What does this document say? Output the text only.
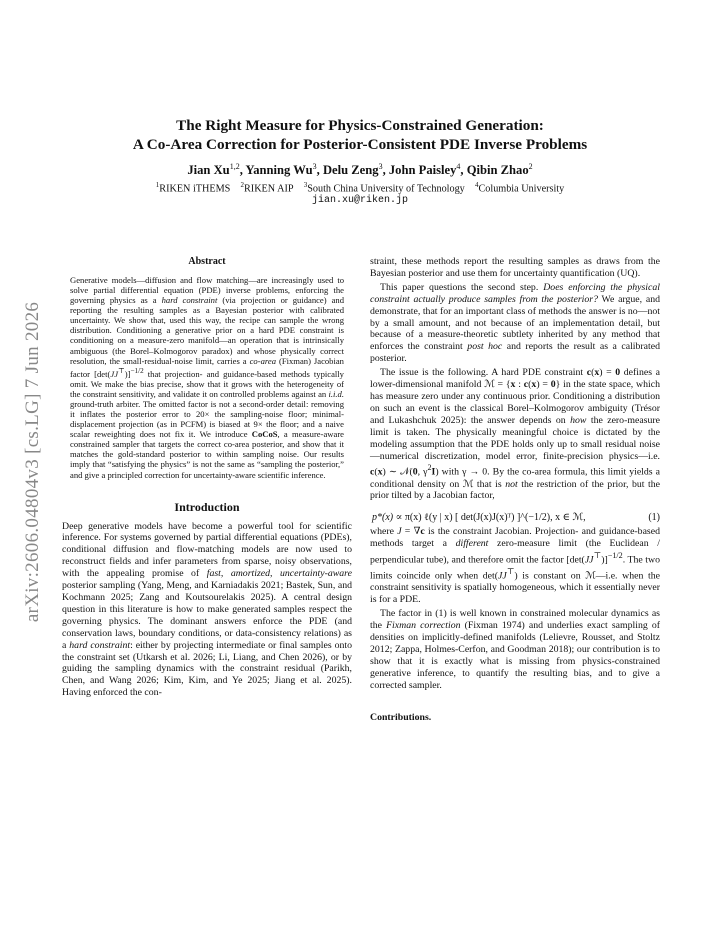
arXiv:2606.04804v3 [cs.LG] 7 Jun 2026
The Right Measure for Physics-Constrained Generation:
A Co-Area Correction for Posterior-Consistent PDE Inverse Problems
Jian Xu$^{1,2}$, Yanning Wu$^3$, Delu Zeng$^3$, John Paisley$^4$, Qibin Zhao$^2$
$^1$RIKEN iTHEMS $^2$RIKEN AIP $^3$South China University of Technology $^4$Columbia University
jian.xu@riken.jp
Abstract

Generative models—diffusion and flow matching—are increasingly used to solve partial differential equation (PDE) inverse problems, enforcing the governing physics as a hard constraint (via projection or guidance) and reporting the resulting samples as a Bayesian posterior with calibrated uncertainty. We show that, used this way, the recipe can sample the wrong distribution. Conditioning a generative prior on a hard PDE constraint is conditioning on a measure-zero manifold—an operation that is intrinsically ambiguous (the Borel–Kolmogorov paradox) and whose physically correct resolution, the small-residual-noise limit, carries a co-area (Fixman) Jacobian factor $[\det(JJ^⊤)]^{-1/2}$ that projection- and guidance-based methods typically omit. We make the bias precise, show that it grows with the heterogeneity of the constraint sensitivity, and validate it on controlled problems against an i.i.d. ground-truth arbiter. The omitted factor is not a second-order detail: removing it inflates the posterior error to 20× the sampling-noise floor; minimal-displacement projection (as in PCFM) is biased at 9× the floor; and a naive scalar reweighting does not fix it. We introduce CoCoS, a measure-aware constrained sampler that targets the correct co-area posterior, and show that it matches the gold-standard posterior to within sampling noise. Our results imply that “satisfying the physics” is not the same as “sampling the posterior,” and give a principled correction for uncertainty-aware scientific inference.

Introduction

Deep generative models have become a powerful tool for scientific inference. For systems governed by partial differential equations (PDEs), conditional diffusion and flow-matching models are now used to reconstruct fields and infer parameters from sparse, noisy observations, with the appealing promise of fast, amortized, uncertainty-aware posterior sampling (Yang, Meng, and Karniadakis 2021; Bastek, Sun, and Kochmann 2025; Zang and Koutsourelakis 2025). A central design question in this literature is how to make generated samples respect the governing physics. The dominant answers enforce the PDE (and conservation laws, boundary conditions, or data-consistency relations) as a hard constraint: either by projecting intermediate or final samples onto the constraint set (Utkarsh et al. 2026; Li, Liang, and Chen 2026), or by guiding the sampling dynamics with the constraint residual (Parikh, Chen, and Wang 2026; Kim, Kim, and Ye 2025; Jiang et al. 2025). Having enforced the con-

straint, these methods report the resulting samples as draws from the Bayesian posterior and use them for uncertainty quantification (UQ).

This paper questions the second step. Does enforcing the physical constraint actually produce samples from the posterior? We argue, and demonstrate, that for an important class of methods the answer is no—not by a small amount, and not because of an implementation detail, but because of a measure-theoretic subtlety inherited by any method that enforces the constraint post hoc and reports the result as a calibrated posterior.

The issue is the following. A hard PDE constraint c(x) = 0 defines a lower-dimensional manifold ℳ = {x : c(x) = 0} in the state space, which has measure zero under any continuous prior. Conditioning a distribution on such an event is the classical Borel–Kolmogorov ambiguity (Trésor and Lukashchuk 2025): the answer depends on how the zero-measure limit is taken. The physically meaningful choice is dictated by the modeling assumption that the PDE holds only up to small residual noise—numerical discretization, model error, finite-precision physics—i.e. c(x) ∼ 𝒩(0, $\gamma^2I$) with γ → 0. By the co-area formula, this limit yields a conditional density on ℳ that is not the restriction of the prior, but the prior tilted by a Jacobian factor,

p*(x) ∝ π(x) ℓ(y | x) [ det(J(x)J(x)ᵀ) ]^(−1/2), x ∈ ℳ,	(1)

where J = ∇c is the constraint Jacobian. Projection- and guidance-based methods target a different zero-measure limit (the Euclidean / perpendicular tube), and therefore omit the factor $[\det(JJ^⊤)]^{-1/2}$. The two limits coincide only when det(JJ⊤) is constant on ℳ—i.e. when the constraint sensitivity is spatially homogeneous, which it essentially never is for a PDE.

The factor in (1) is well known in constrained molecular dynamics as the Fixman correction (Fixman 1974) and underlies exact sampling of densities on implicitly-defined manifolds (Lelievre, Rousset, and Stoltz 2012; Zappa, Holmes-Cerfon, and Goodman 2018); our contribution is to show that it is exactly what is missing from physics-constrained generative inference, to quantify the resulting bias, and to give a corrected sampler.

Contributions.
